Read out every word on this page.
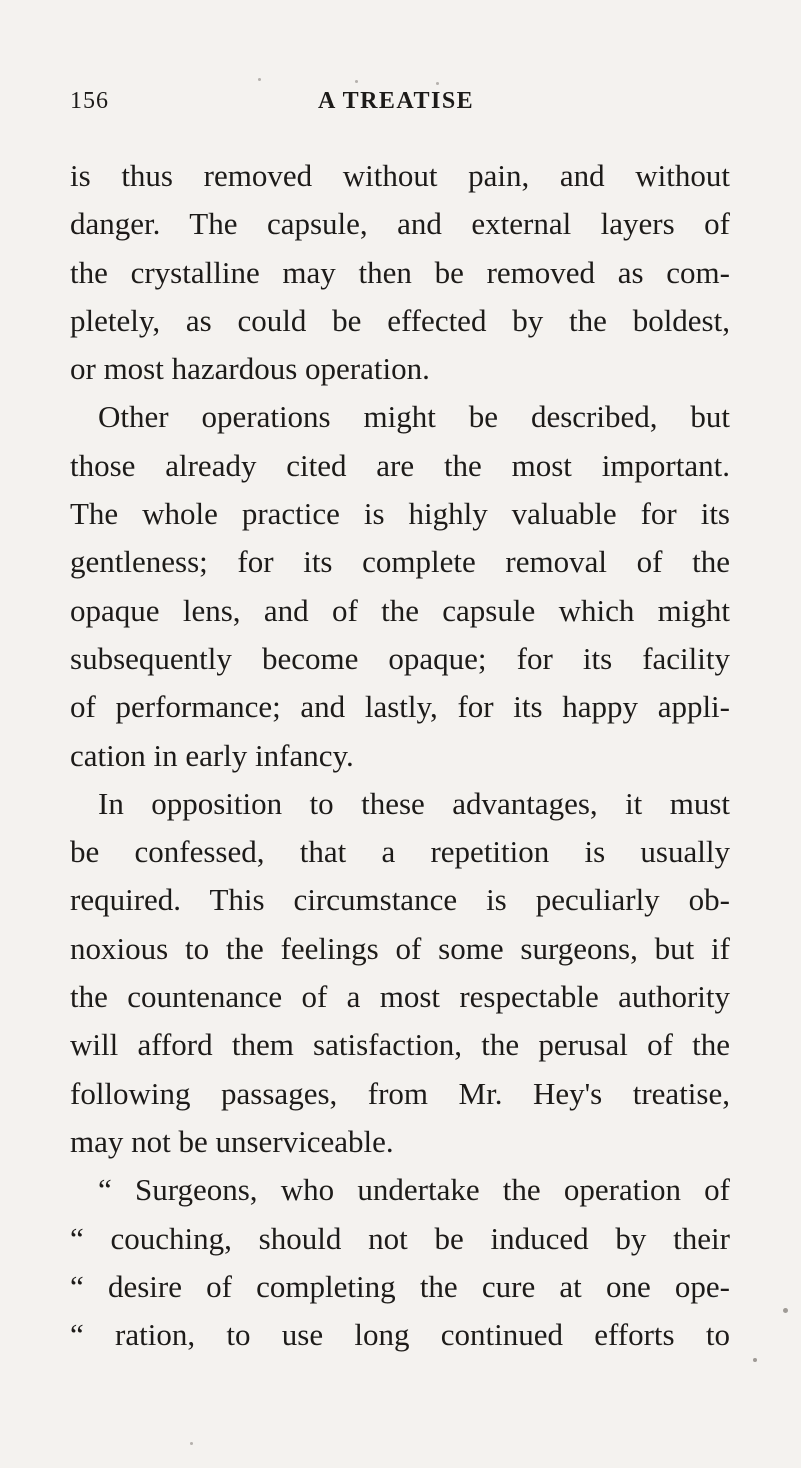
156	A TREATISE
is thus removed without pain, and without
danger. The capsule, and external layers of
the crystalline may then be removed as com-
pletely, as could be effected by the boldest,
or most hazardous operation.
Other operations might be described, but
those already cited are the most important.
The whole practice is highly valuable for its
gentleness; for its complete removal of the
opaque lens, and of the capsule which might
subsequently become opaque; for its facility
of performance; and lastly, for its happy appli-
cation in early infancy.
In opposition to these advantages, it must
be confessed, that a repetition is usually
required. This circumstance is peculiarly ob-
noxious to the feelings of some surgeons, but if
the countenance of a most respectable authority
will afford them satisfaction, the perusal of the
following passages, from Mr. Hey's treatise,
may not be unserviceable.
“ Surgeons, who undertake the operation of
“ couching, should not be induced by their
“ desire of completing the cure at one ope-
“ ration, to use long continued efforts to
